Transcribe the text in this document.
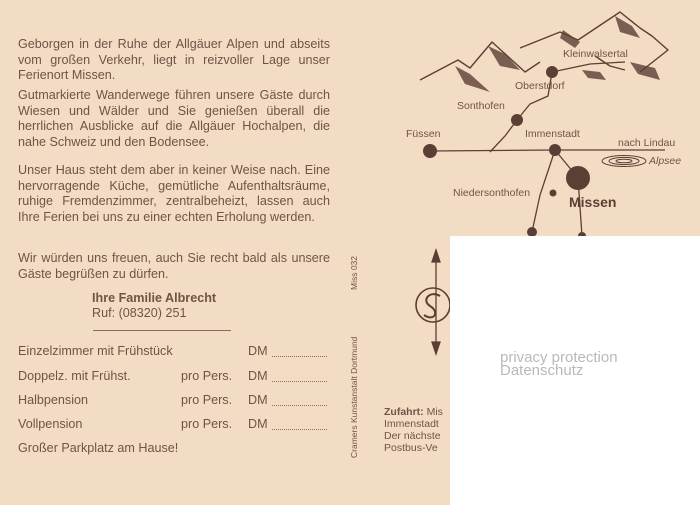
Geborgen in der Ruhe der Allgäuer Alpen und abseits vom großen Verkehr, liegt in reizvoller Lage unser Ferienort Missen.

Gutmarkierte Wanderwege führen unsere Gäste durch Wiesen und Wälder und Sie genießen überall die herrlichen Ausblicke auf die Allgäuer Hochalpen, die nahe Schweiz und den Bodensee.

Unser Haus steht dem aber in keiner Weise nach. Eine hervorragende Küche, gemütliche Aufenthaltsräume, ruhige Fremdenzimmer, zentralbeheizt, lassen auch Ihre Ferien bei uns zu einer echten Erholung werden.

Wir würden uns freuen, auch Sie recht bald als unsere Gäste begrüßen zu dürfen.

Ihre Familie Albrecht
Ruf: (08320) 251
Einzelzimmer mit Frühstück	DM
Doppelz. mit Frühst.	pro Pers. DM
Halbpension	pro Pers. DM
Vollpension	pro Pers. DM
Großer Parkplatz am Hause!	Cramers Kunstanstalt Dortmund
Miss 032
Kleinwalsertal
Oberstdorf
Sonthofen
Füssen	Immenstadt
nach Lindau
Alpsee
Niedersonthofen
Missen
Zufahrt: Mis
Immenstadt
Der nächste
Postbus-Ve
privacy protection
Datenschutz
